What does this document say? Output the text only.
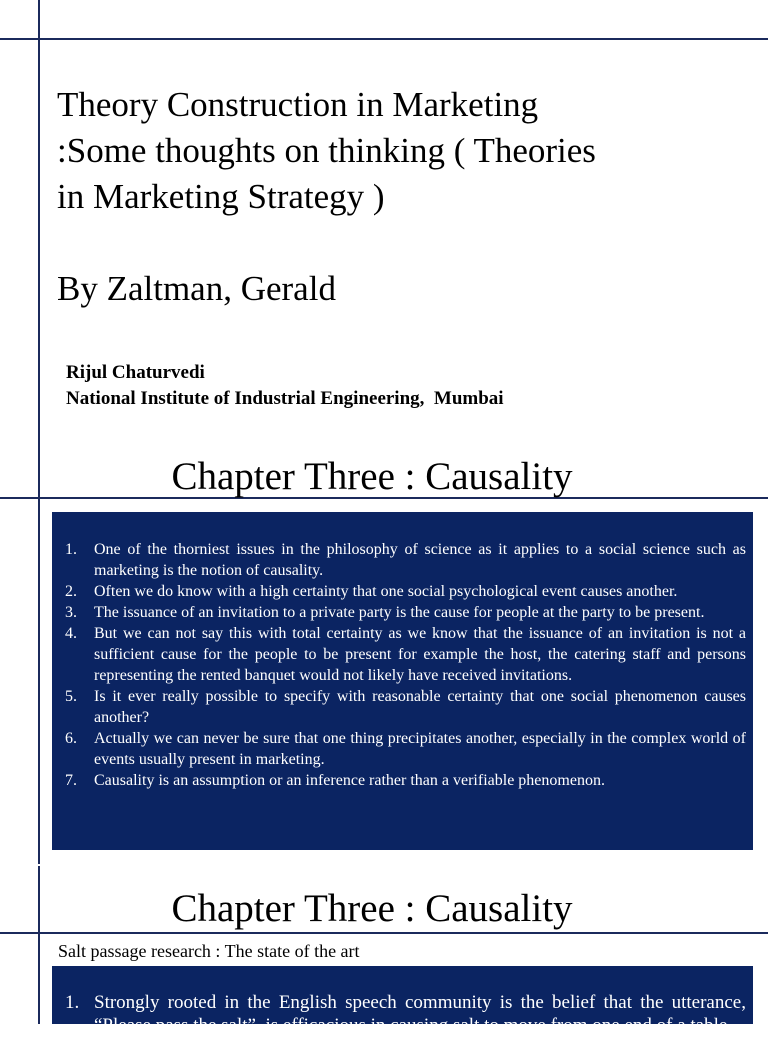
Theory Construction in Marketing
:Some thoughts on thinking ( Theories
in Marketing Strategy )
By Zaltman, Gerald
Rijul Chaturvedi
National Institute of Industrial Engineering,  Mumbai
Chapter Three : Causality
1. One of the thorniest issues in the philosophy of science as it applies to a social science such as marketing is the notion of causality.
2. Often we do know with a high certainty that one social psychological event causes another.
3. The issuance of an invitation to a private party is the cause for people at the party to be present.
4. But we can not say this with total certainty as we know that the issuance of an invitation is not a sufficient cause for the people to be present for example the host, the catering staff and persons representing the rented banquet would not likely have received invitations.
5. Is it ever really possible to specify with reasonable certainty that one social phenomenon causes another?
6. Actually we can never be sure that one thing precipitates another, especially in the complex world of events usually present in marketing.
7. Causality is an assumption or an inference rather than a verifiable phenomenon.
Chapter Three : Causality
Salt passage research : The state of the art
1. Strongly rooted in the English speech community is the belief that the utterance, “Please pass the salt”, is efficacious in causing salt to move from one end of a table
